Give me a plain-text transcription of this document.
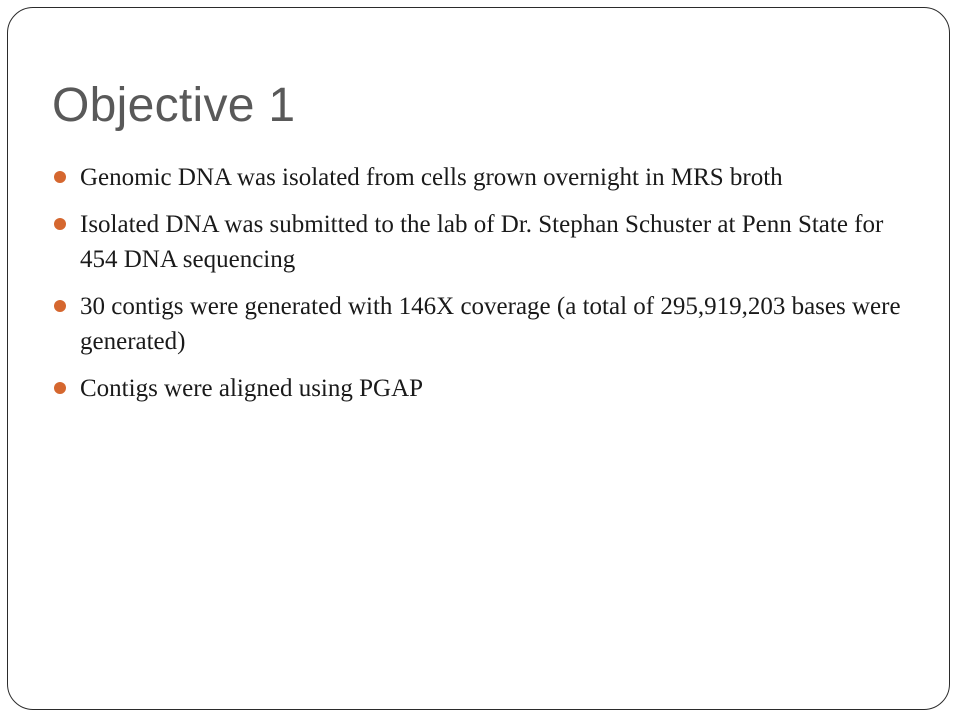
Objective 1
Genomic DNA was isolated from cells grown overnight in MRS broth
Isolated DNA was submitted to the lab of Dr. Stephan Schuster at Penn State for 454 DNA sequencing
30 contigs were generated with 146X coverage (a total of 295,919,203 bases were generated)
Contigs were aligned using PGAP
